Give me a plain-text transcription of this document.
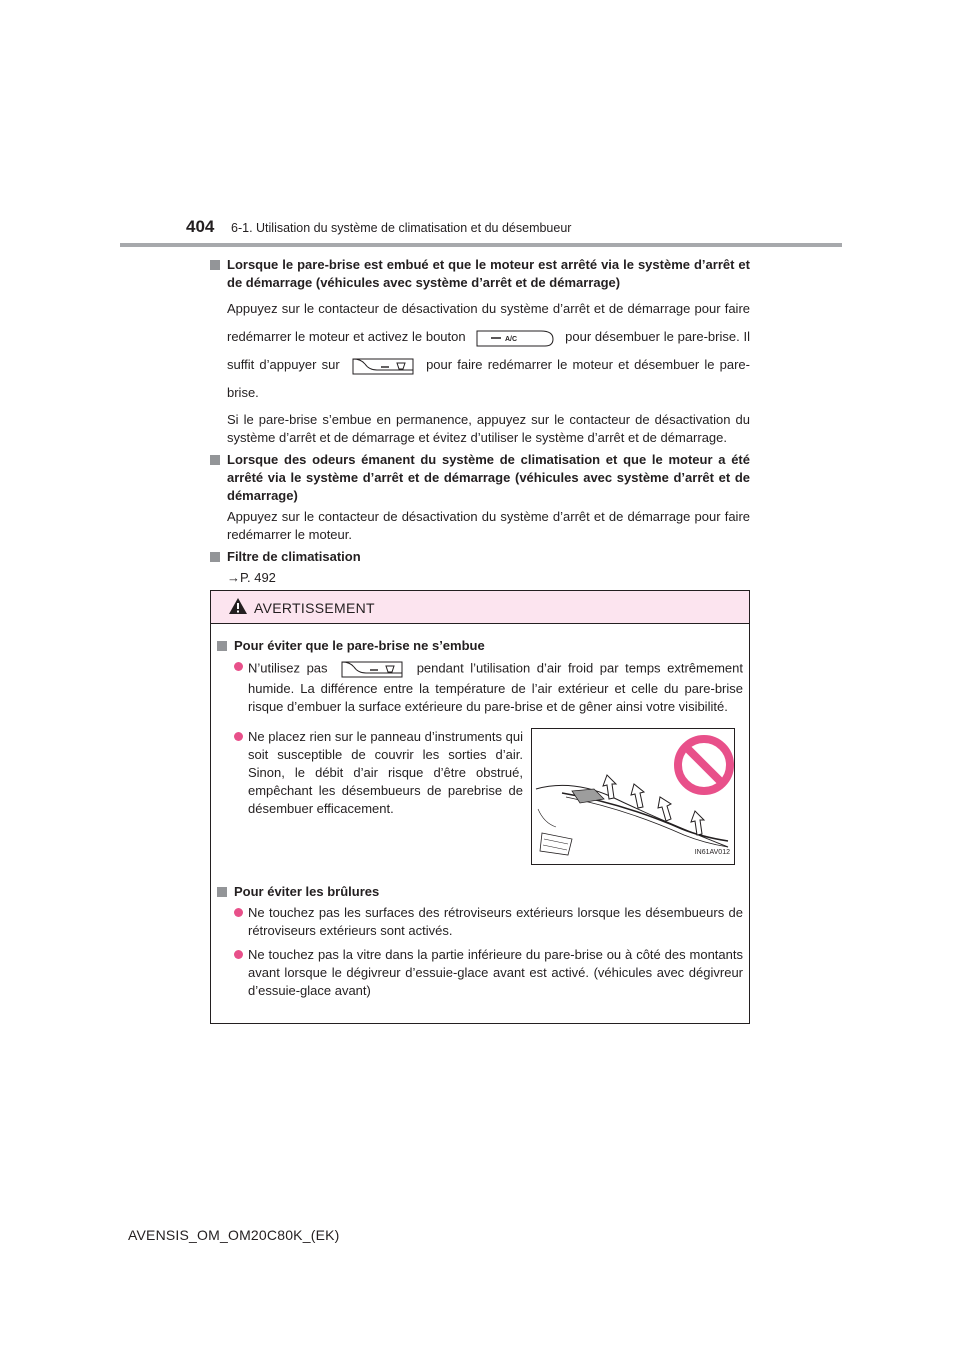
404 6-1. Utilisation du système de climatisation et du désembueur
Lorsque le pare-brise est embué et que le moteur est arrêté via le système d’arrêt et de démarrage (véhicules avec système d’arrêt et de démarrage)
Appuyez sur le contacteur de désactivation du système d’arrêt et de démarrage pour faire redémarrer le moteur et activez le bouton	A/C	pour désembuer le pare-brise. Il suffit d’appuyer sur	pour faire redémarrer le moteur et désembuer le pare-brise.
Si le pare-brise s’embue en permanence, appuyez sur le contacteur de désactivation du système d’arrêt et de démarrage et évitez d’utiliser le système d’arrêt et de démarrage.
Lorsque des odeurs émanent du système de climatisation et que le moteur a été arrêté via le système d’arrêt et de démarrage (véhicules avec système d’arrêt et de démarrage)
Appuyez sur le contacteur de désactivation du système d’arrêt et de démarrage pour faire redémarrer le moteur.
Filtre de climatisation
→P. 492
AVERTISSEMENT
Pour éviter que le pare-brise ne s’embue
N’utilisez pas	pendant l’utilisation d’air froid par temps extrêmement humide. La différence entre la température de l’air extérieur et celle du pare-brise risque d’embuer la surface extérieure du pare-brise et de gêner ainsi votre visibilité.
Ne placez rien sur le panneau d’instruments qui soit susceptible de couvrir les sorties d’air. Sinon, le débit d’air risque d’être obstrué, empêchant les désembueurs de parebrise de désembuer efficacement.
IN61AV012
Pour éviter les brûlures
Ne touchez pas les surfaces des rétroviseurs extérieurs lorsque les désembueurs de rétroviseurs extérieurs sont activés.
Ne touchez pas la vitre dans la partie inférieure du pare-brise ou à côté des montants avant lorsque le dégivreur d’essuie-glace avant est activé. (véhicules avec dégivreur d’essuie-glace avant)
AVENSIS_OM_OM20C80K_(EK)
